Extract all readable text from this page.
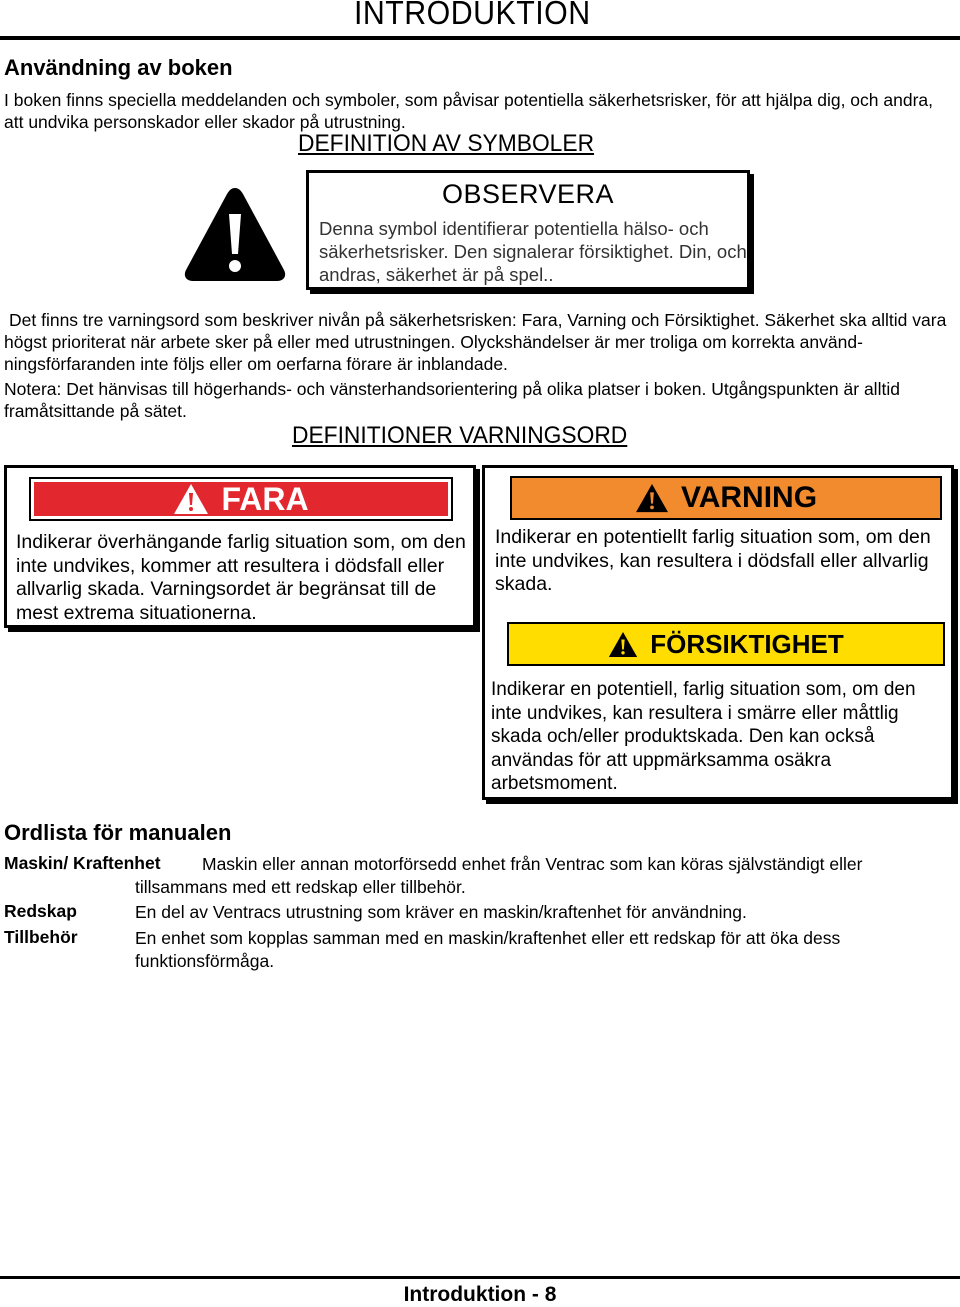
INTRODUKTION
Användning av boken
I boken finns speciella meddelanden och symboler, som påvisar potentiella säkerhetsrisker, för att hjälpa dig, och andra, att undvika personskador eller skador på utrustning.
DEFINITION AV SYMBOLER
OBSERVERA
Denna symbol identifierar potentiella hälso- och säkerhetsrisker. Den signalerar försiktighet. Din, och andras, säkerhet är på spel..
Det finns tre varningsord som beskriver nivån på säkerhetsrisken: Fara, Varning och Försiktighet. Säkerhet ska alltid vara högst prioriterat när arbete sker på eller med utrustningen. Olyckshändelser är mer troliga om korrekta användningsförfaranden inte följs eller om oerfarna förare är inblandade.
Notera: Det hänvisas till högerhands- och vänsterhandsorientering på olika platser i boken. Utgångspunkten är alltid framåtsittande på sätet.
DEFINITIONER VARNINGSORD
FARA
Indikerar överhängande farlig situation som, om den inte undvikes, kommer att resultera i dödsfall eller allvarlig skada. Varningsordet är begränsat till de mest extrema situationerna.
VARNING
Indikerar en potentiellt farlig situation som, om den inte undvikes, kan resultera i dödsfall eller allvarlig skada.
FÖRSIKTIGHET
Indikerar en potentiell, farlig situation som, om den inte undvikes, kan resultera i smärre eller måttlig skada och/eller produktskada. Den kan också användas för att uppmärksamma osäkra arbetsmoment.
Ordlista för manualen
Maskin/ Kraftenhet	Maskin eller annan motorförsedd enhet från Ventrac som kan köras självständigt eller tillsammans med ett redskap eller tillbehör.
Redskap	En del av Ventracs utrustning som kräver en maskin/kraftenhet för användning.
Tillbehör	En enhet som kopplas samman med en maskin/kraftenhet eller ett redskap för att öka dess funktionsförmåga.
Introduktion - 8
